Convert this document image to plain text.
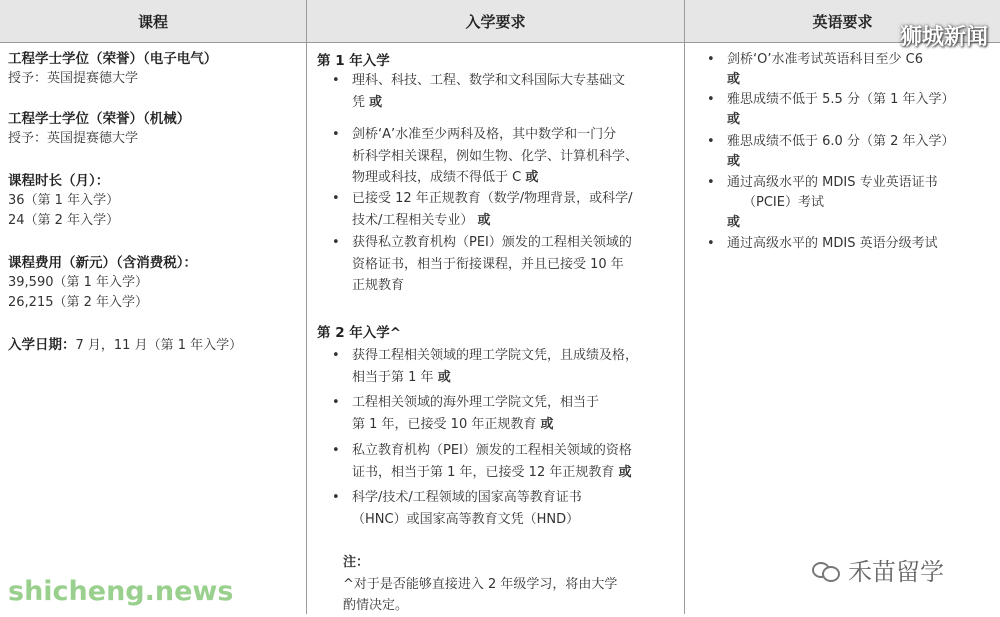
课程	入学要求	英语要求
工程学士学位（荣誉）（电子电气）
授予：英国提赛德大学
工程学士学位（荣誉）（机械）
授予：英国提赛德大学
课程时长（月）：
36（第 1 年入学）
24（第 2 年入学）
课程费用（新元）（含消费税）：
39,590（第 1 年入学）
26,215（第 2 年入学）
入学日期：7 月，11 月（第 1 年入学）
第 1 年入学
• 理科、科技、工程、数学和文科国际大专基础文
凭 或
• 剑桥‘A’水准至少两科及格，其中数学和一门分
析科学相关课程，例如生物、化学、计算机科学、
物理或科技，成绩不得低于 C 或
• 已接受 12 年正规教育（数学/物理背景，或科学/
技术/工程相关专业） 或
• 获得私立教育机构（PEI）颁发的工程相关领域的
资格证书，相当于衔接课程，并且已接受 10 年
正规教育
第 2 年入学^
• 获得工程相关领域的理工学院文凭，且成绩及格，
相当于第 1 年 或
• 工程相关领域的海外理工学院文凭，相当于
第 1 年，已接受 10 年正规教育 或
• 私立教育机构（PEI）颁发的工程相关领域的资格
证书，相当于第 1 年，已接受 12 年正规教育 或
• 科学/技术/工程领域的国家高等教育证书
（HNC）或国家高等教育文凭（HND）
注：
^对于是否能够直接进入 2 年级学习，将由大学
酌情决定。
• 剑桥‘O’水准考试英语科目至少 C6
或
• 雅思成绩不低于 5.5 分（第 1 年入学）
或
• 雅思成绩不低于 6.0 分（第 2 年入学）
或
• 通过高级水平的 MDIS 专业英语证书
（PCIE）考试
或
• 通过高级水平的 MDIS 英语分级考试
狮城新闻
shicheng.news
禾苗留学
